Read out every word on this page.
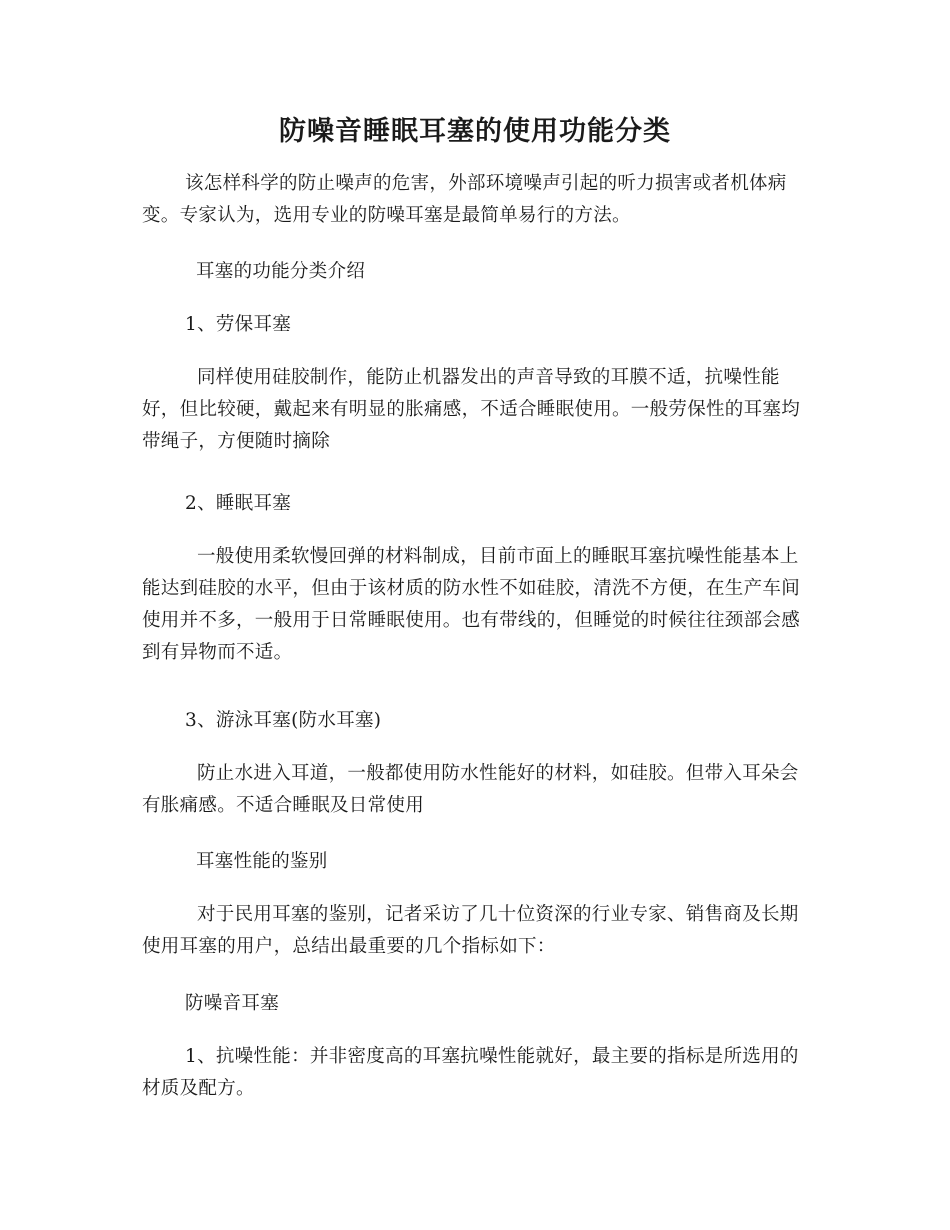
防噪音睡眠耳塞的使用功能分类

该怎样科学的防止噪声的危害，外部环境噪声引起的听力损害或者机体病变。专家认为，选用专业的防噪耳塞是最简单易行的方法。

耳塞的功能分类介绍
1、劳保耳塞

同样使用硅胶制作，能防止机器发出的声音导致的耳膜不适，抗噪性能好，但比较硬，戴起来有明显的胀痛感，不适合睡眠使用。一般劳保性的耳塞均带绳子，方便随时摘除

2、睡眠耳塞

一般使用柔软慢回弹的材料制成，目前市面上的睡眠耳塞抗噪性能基本上能达到硅胶的水平，但由于该材质的防水性不如硅胶，清洗不方便，在生产车间使用并不多，一般用于日常睡眠使用。也有带线的，但睡觉的时候往往颈部会感到有异物而不适。

3、游泳耳塞(防水耳塞)

防止水进入耳道，一般都使用防水性能好的材料，如硅胶。但带入耳朵会有胀痛感。不适合睡眠及日常使用

耳塞性能的鉴别

对于民用耳塞的鉴别，记者采访了几十位资深的行业专家、销售商及长期使用耳塞的用户，总结出最重要的几个指标如下：

防噪音耳塞

1、抗噪性能：并非密度高的耳塞抗噪性能就好，最主要的指标是所选用的材质及配方。
